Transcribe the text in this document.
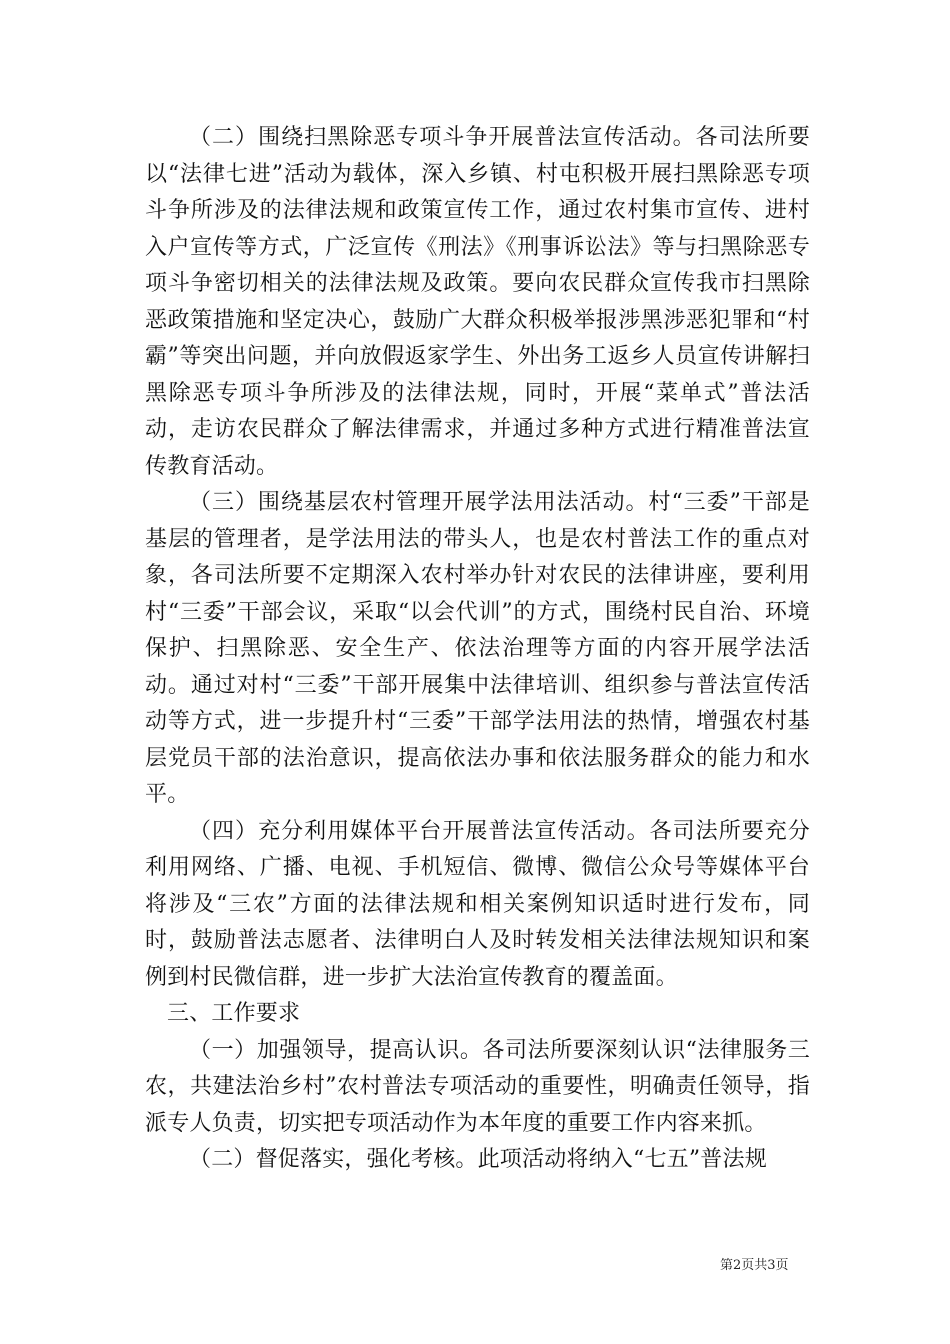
（二）围绕扫黑除恶专项斗争开展普法宣传活动。各司法所要以“法律七进”活动为载体，深入乡镇、村屯积极开展扫黑除恶专项斗争所涉及的法律法规和政策宣传工作，通过农村集市宣传、进村入户宣传等方式，广泛宣传《刑法》《刑事诉讼法》等与扫黑除恶专项斗争密切相关的法律法规及政策。要向农民群众宣传我市扫黑除恶政策措施和坚定决心，鼓励广大群众积极举报涉黑涉恶犯罪和“村霸”等突出问题，并向放假返家学生、外出务工返乡人员宣传讲解扫黑除恶专项斗争所涉及的法律法规，同时，开展“菜单式”普法活动，走访农民群众了解法律需求，并通过多种方式进行精准普法宣传教育活动。

（三）围绕基层农村管理开展学法用法活动。村“三委”干部是基层的管理者，是学法用法的带头人，也是农村普法工作的重点对象，各司法所要不定期深入农村举办针对农民的法律讲座，要利用村“三委”干部会议，采取“以会代训”的方式，围绕村民自治、环境保护、扫黑除恶、安全生产、依法治理等方面的内容开展学法活动。通过对村“三委”干部开展集中法律培训、组织参与普法宣传活动等方式，进一步提升村“三委”干部学法用法的热情，增强农村基层党员干部的法治意识，提高依法办事和依法服务群众的能力和水平。

（四）充分利用媒体平台开展普法宣传活动。各司法所要充分利用网络、广播、电视、手机短信、微博、微信公众号等媒体平台将涉及“三农”方面的法律法规和相关案例知识适时进行发布，同时，鼓励普法志愿者、法律明白人及时转发相关法律法规知识和案例到村民微信群，进一步扩大法治宣传教育的覆盖面。

三、工作要求

（一）加强领导，提高认识。各司法所要深刻认识“法律服务三农，共建法治乡村”农村普法专项活动的重要性，明确责任领导，指派专人负责，切实把专项活动作为本年度的重要工作内容来抓。

（二）督促落实，强化考核。此项活动将纳入“七五”普法规

第2页共3页
